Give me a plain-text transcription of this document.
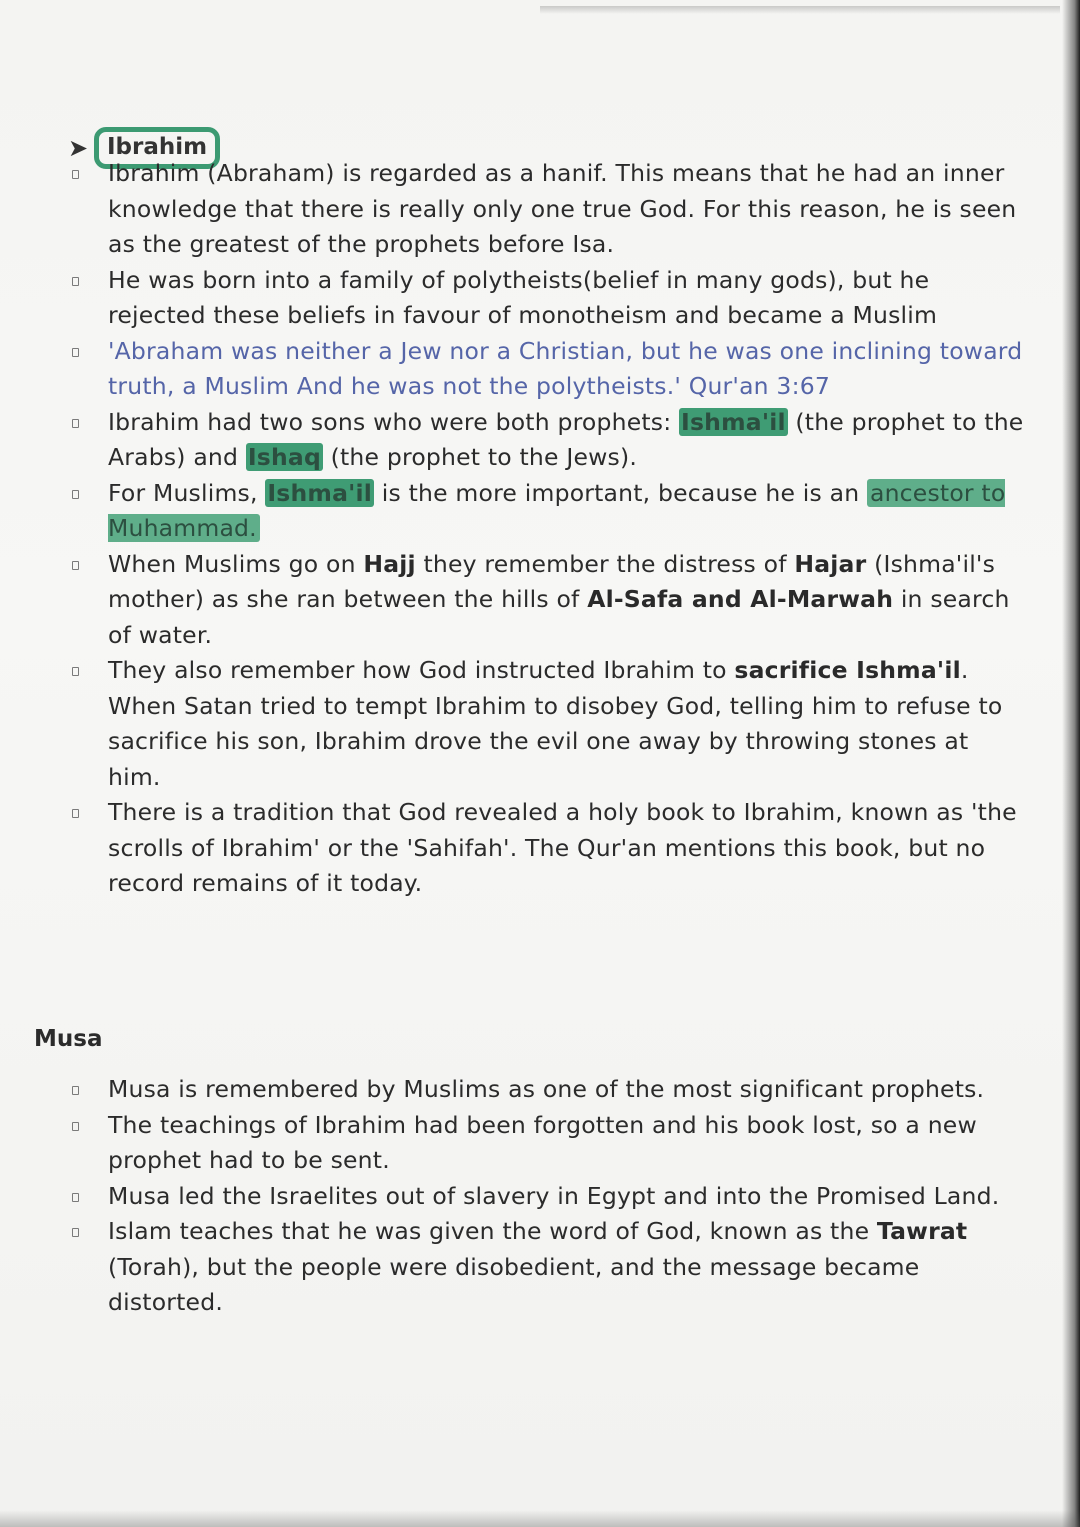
➤ Ibrahim
Ibrahim (Abraham) is regarded as a hanif. This means that he had an inner knowledge that there is really only one true God. For this reason, he is seen as the greatest of the prophets before Isa.
He was born into a family of polytheists(belief in many gods), but he rejected these beliefs in favour of monotheism and became a Muslim
'Abraham was neither a Jew nor a Christian, but he was one inclining toward truth, a Muslim And he was not the polytheists.' Qur'an 3:67
Ibrahim had two sons who were both prophets: Ishma'il (the prophet to the Arabs) and Ishaq (the prophet to the Jews).
For Muslims, Ishma'il is the more important, because he is an ancestor to Muhammad.
When Muslims go on Hajj they remember the distress of Hajar (Ishma'il's mother) as she ran between the hills of Al-Safa and Al-Marwah in search of water.
They also remember how God instructed Ibrahim to sacrifice Ishma'il. When Satan tried to tempt Ibrahim to disobey God, telling him to refuse to sacrifice his son, Ibrahim drove the evil one away by throwing stones at him.
There is a tradition that God revealed a holy book to Ibrahim, known as 'the scrolls of Ibrahim' or the 'Sahifah'. The Qur'an mentions this book, but no record remains of it today.
Musa
Musa is remembered by Muslims as one of the most significant prophets.
The teachings of Ibrahim had been forgotten and his book lost, so a new prophet had to be sent.
Musa led the Israelites out of slavery in Egypt and into the Promised Land.
Islam teaches that he was given the word of God, known as the Tawrat (Torah), but the people were disobedient, and the message became distorted.
